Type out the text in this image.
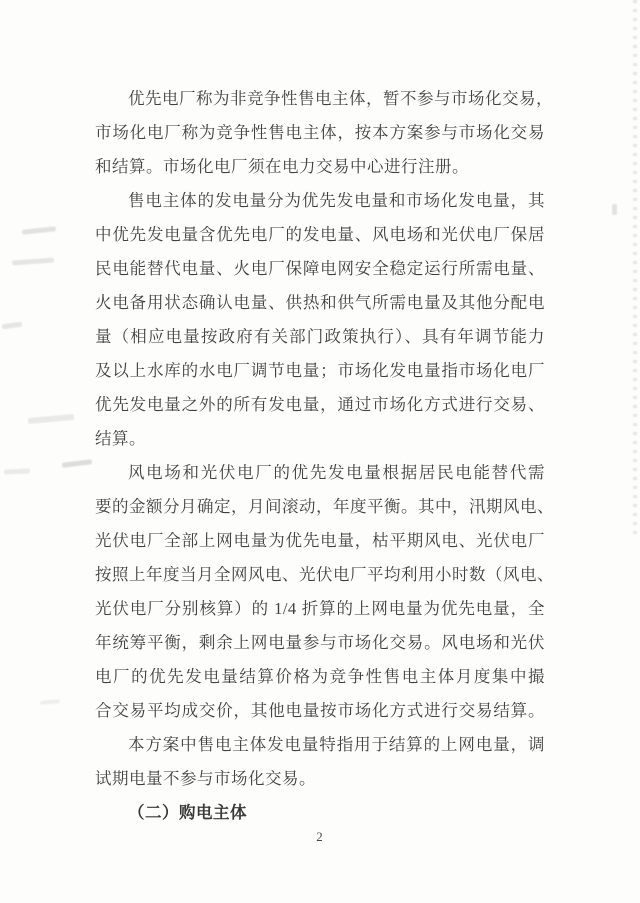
优先电厂称为非竞争性售电主体，暂不参与市场化交易，
市场化电厂称为竞争性售电主体，按本方案参与市场化交易
和结算。市场化电厂须在电力交易中心进行注册。
售电主体的发电量分为优先发电量和市场化发电量，其
中优先发电量含优先电厂的发电量、风电场和光伏电厂保居
民电能替代电量、火电厂保障电网安全稳定运行所需电量、
火电备用状态确认电量、供热和供气所需电量及其他分配电
量（相应电量按政府有关部门政策执行）、具有年调节能力
及以上水库的水电厂调节电量；市场化发电量指市场化电厂
优先发电量之外的所有发电量，通过市场化方式进行交易、
结算。
风电场和光伏电厂的优先发电量根据居民电能替代需
要的金额分月确定，月间滚动，年度平衡。其中，汛期风电、
光伏电厂全部上网电量为优先电量，枯平期风电、光伏电厂
按照上年度当月全网风电、光伏电厂平均利用小时数（风电、
光伏电厂分别核算）的 1/4 折算的上网电量为优先电量，全
年统筹平衡，剩余上网电量参与市场化交易。风电场和光伏
电厂的优先发电量结算价格为竞争性售电主体月度集中撮
合交易平均成交价，其他电量按市场化方式进行交易结算。
本方案中售电主体发电量特指用于结算的上网电量，调
试期电量不参与市场化交易。
（二）购电主体
2
